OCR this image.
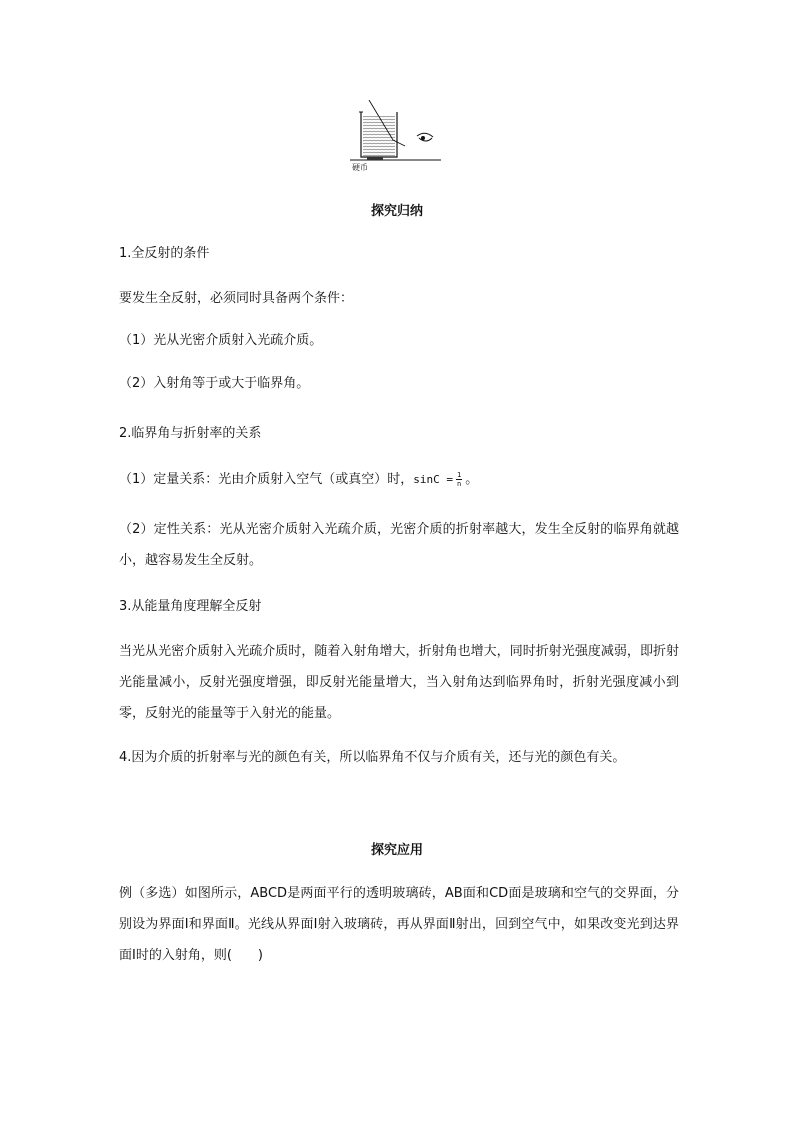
硬币
探究归纳
1.全反射的条件
要发生全反射，必须同时具备两个条件：
（1）光从光密介质射入光疏介质。
（2）入射角等于或大于临界角。
2.临界角与折射率的关系
（1）定量关系：光由介质射入空气（或真空）时，$\sin C = \frac{1}{n}$ 。
（2）定性关系：光从光密介质射入光疏介质，光密介质的折射率越大，发生全反射的临界角就越小，越容易发生全反射。
3.从能量角度理解全反射
当光从光密介质射入光疏介质时，随着入射角增大，折射角也增大，同时折射光强度减弱，即折射光能量减小，反射光强度增强，即反射光能量增大，当入射角达到临界角时，折射光强度减小到零，反射光的能量等于入射光的能量。
4.因为介质的折射率与光的颜色有关，所以临界角不仅与介质有关，还与光的颜色有关。
探究应用
例（多选）如图所示，ABCD是两面平行的透明玻璃砖，AB面和CD面是玻璃和空气的交界面，分别设为界面Ⅰ和界面Ⅱ。光线从界面Ⅰ射入玻璃砖，再从界面Ⅱ射出，回到空气中，如果改变光到达界面Ⅰ时的入射角，则(　　)
